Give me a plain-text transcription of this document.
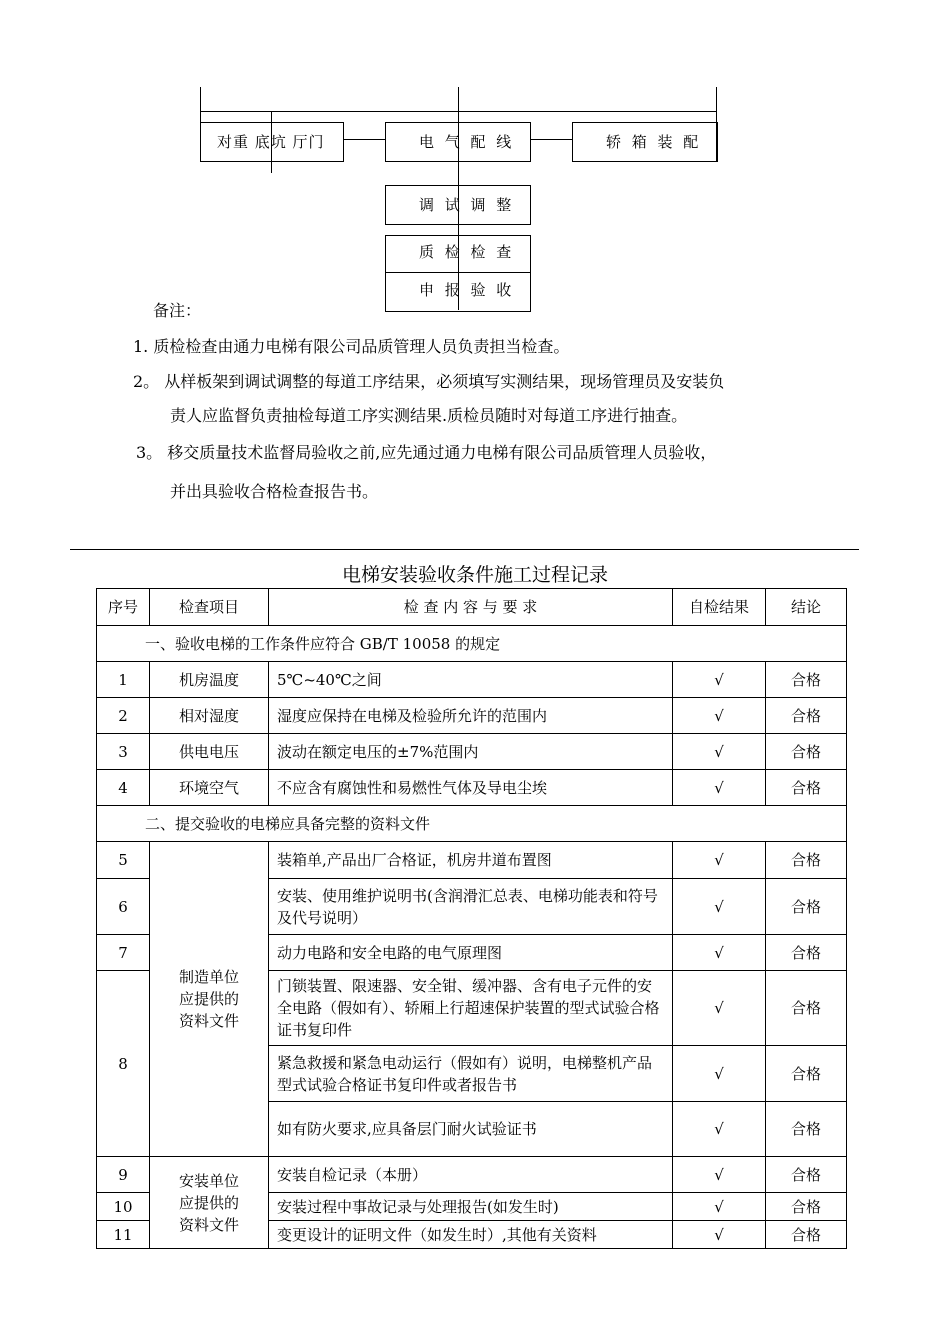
对重 底坑 厅门	电 气 配 线	轿 箱 装 配
调 试 调 整
质 检 检 查
申 报 验 收
备注：
1. 质检检查由通力电梯有限公司品质管理人员负责担当检查。
2。 从样板架到调试调整的每道工序结果，必须填写实测结果，现场管理员及安装负
责人应监督负责抽检每道工序实测结果.质检员随时对每道工序进行抽查。
3。 移交质量技术监督局验收之前,应先通过通力电梯有限公司品质管理人员验收，
并出具验收合格检查报告书。
电梯安装验收条件施工过程记录
序号	检查项目	检 查 内 容 与 要 求	自检结果	结论
一、验收电梯的工作条件应符合 GB/T 10058 的规定				
1	机房温度	5℃~40℃之间	√	合格
2	相对湿度	湿度应保持在电梯及检验所允许的范围内	√	合格
3	供电电压	波动在额定电压的±7%范围内	√	合格
4	环境空气	不应含有腐蚀性和易燃性气体及导电尘埃	√	合格
二、提交验收的电梯应具备完整的资料文件				
5	制造单位
应提供的
资料文件	装箱单,产品出厂合格证，机房井道布置图	√	合格
6		安装、使用维护说明书(含润滑汇总表、电梯功能表和符号及代号说明）	√	合格
7		动力电路和安全电路的电气原理图	√	合格
8		门锁装置、限速器、安全钳、缓冲器、含有电子元件的安全电路（假如有）、轿厢上行超速保护装置的型式试验合格证书复印件	√	合格
		紧急救援和紧急电动运行（假如有）说明，电梯整机产品型式试验合格证书复印件或者报告书	√	合格
		如有防火要求,应具备层门耐火试验证书	√	合格
9	安装单位
应提供的
资料文件	安装自检记录（本册）	√	合格
10		安装过程中事故记录与处理报告(如发生时)	√	合格
11		变更设计的证明文件（如发生时）,其他有关资料	√	合格
